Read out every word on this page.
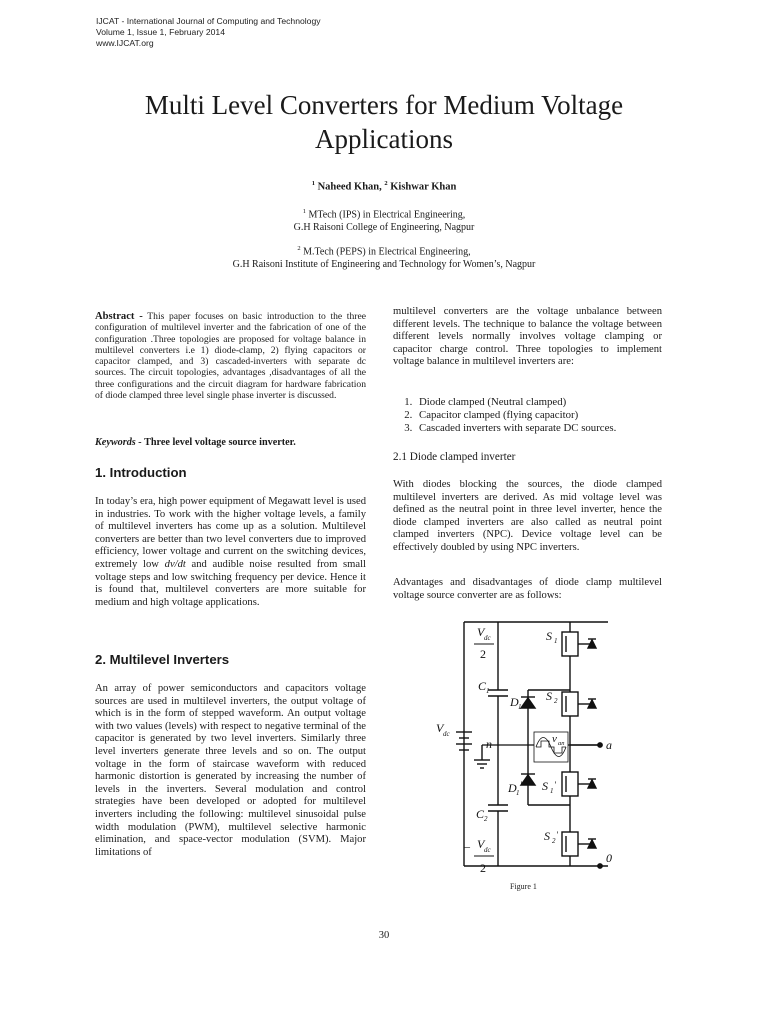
IJCAT - International Journal of Computing and Technology
Volume 1, Issue 1, February 2014
www.IJCAT.org
Multi Level Converters for Medium Voltage
Applications
$^1$ Naheed Khan, $^2$ Kishwar Khan
$^1$ MTech (IPS) in Electrical Engineering,
G.H Raisoni College of Engineering, Nagpur
$^2$ M.Tech (PEPS) in Electrical Engineering,
G.H Raisoni Institute of Engineering and Technology for Women’s, Nagpur
Abstract - This paper focuses on basic introduction to the three configuration of multilevel inverter and the fabrication of one of the configuration .Three topologies are proposed for voltage balance in multilevel converters i.e 1) diode-clamp, 2) flying capacitors or capacitor clamped, and 3) cascaded-inverters with separate dc sources. The circuit topologies, advantages ,disadvantages of all the three configurations and the circuit diagram for hardware fabrication of diode clamped three level single phase inverter is discussed.
Keywords - Three level voltage source inverter.
1. Introduction
In today’s era, high power equipment of Megawatt level is used in industries. To work with the higher voltage levels, a family of multilevel inverters has come up as a solution. Multilevel converters are better than two level converters due to improved efficiency, lower voltage and current on the switching devices, extremely low dv/dt and audible noise resulted from small voltage steps and low switching frequency per device. Hence it is found that, multilevel converters are more suitable for medium and high voltage applications.
2. Multilevel Inverters
An array of power semiconductors and capacitors voltage sources are used in multilevel inverters, the output voltage of which is in the form of stepped waveform. An output voltage with two values (levels) with respect to negative terminal of the capacitor is generated by two level inverters. Similarly three level inverters generate three levels and so on. The output voltage in the form of staircase waveform with reduced harmonic distortion is generated by increasing the number of levels in the inverters. Several modulation and control strategies have been developed or adopted for multilevel inverters including the following: multilevel sinusoidal pulse width modulation (PWM), multilevel selective harmonic elimination, and space-vector modulation (SVM). Major limitations of
multilevel converters are the voltage unbalance between different levels. The technique to balance the voltage between different levels normally involves voltage clamping or capacitor charge control. Three topologies to implement voltage balance in multilevel inverters are:
1. Diode clamped (Neutral clamped)
2. Capacitor clamped (flying capacitor)
3. Cascaded inverters with separate DC sources.
2.1 Diode clamped inverter
With diodes blocking the sources, the diode clamped multilevel inverters are derived. As mid voltage level was defined as the neutral point in three level inverter, hence the diode clamped inverters are also called as neutral point clamped inverters (NPC). Device voltage level can be effectively doubled by using NPC inverters.
Advantages and disadvantages of diode clamp multilevel voltage source converter are as follows:
V dc
2
C 1
C 2
– V dc
2
V dc
n
D 1
D 1
′
S 1
S 2
S 1
'
S 2
'
v an	a
0
Figure 1
30
